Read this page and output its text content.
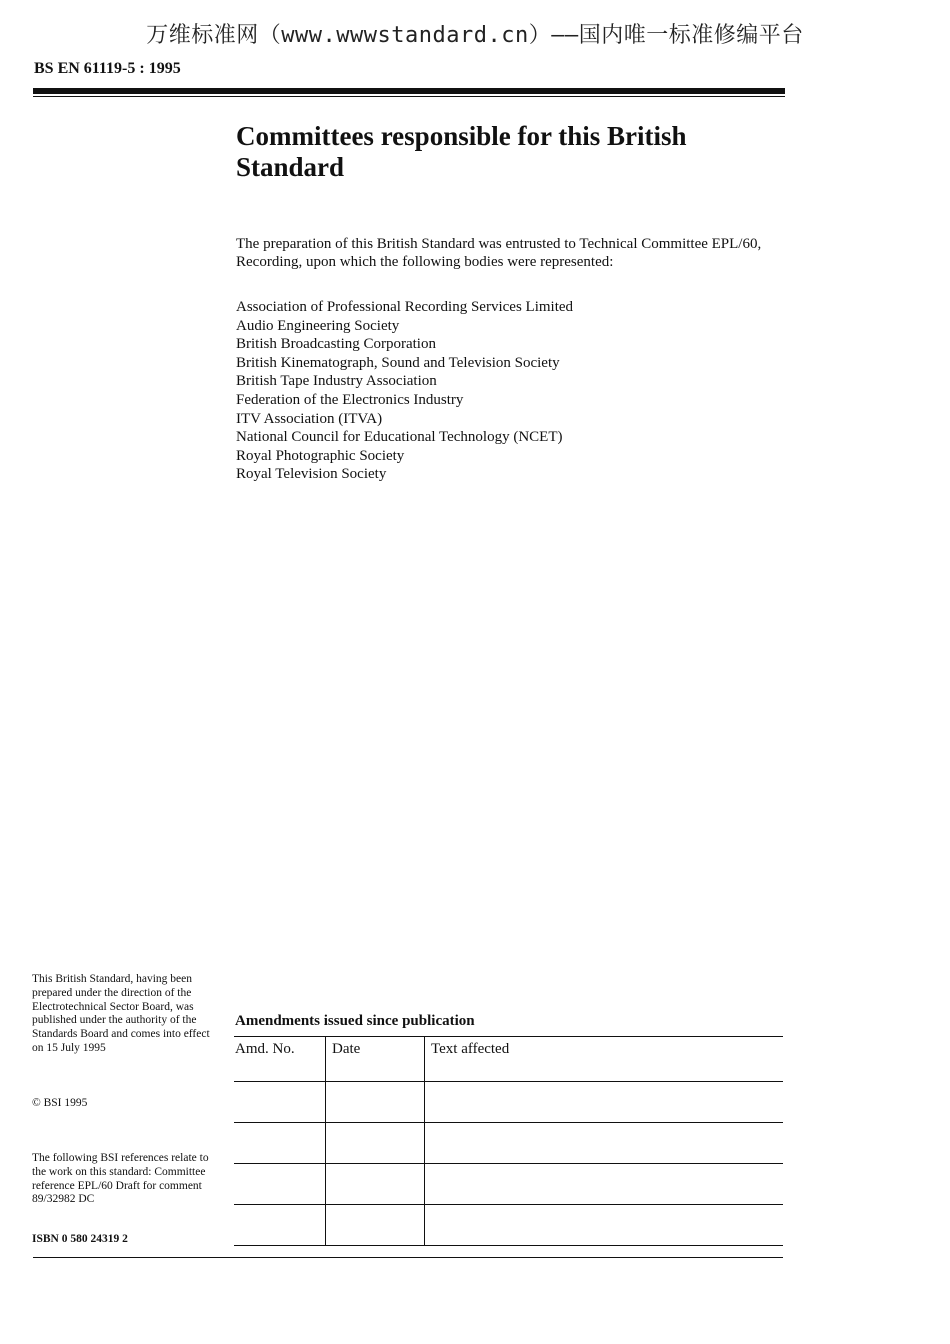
万维标准网（www.wwwstandard.cn）——国内唯一标准修编平台
BS EN 61119-5 : 1995
Committees responsible for this British Standard

The preparation of this British Standard was entrusted to Technical Committee EPL/60, Recording, upon which the following bodies were represented:

Association of Professional Recording Services Limited
Audio Engineering Society
British Broadcasting Corporation
British Kinematograph, Sound and Television Society
British Tape Industry Association
Federation of the Electronics Industry
ITV Association (ITVA)
National Council for Educational Technology (NCET)
Royal Photographic Society
Royal Television Society

This British Standard, having been prepared under the direction of the Electrotechnical Sector Board, was published under the authority of the Standards Board and comes into effect on 15 July 1995

© BSI 1995

The following BSI references relate to the work on this standard: Committee reference EPL/60 Draft for comment 89/32982 DC

ISBN 0 580 24319 2

Amendments issued since publication
Amd. No.	Date	Text affected
